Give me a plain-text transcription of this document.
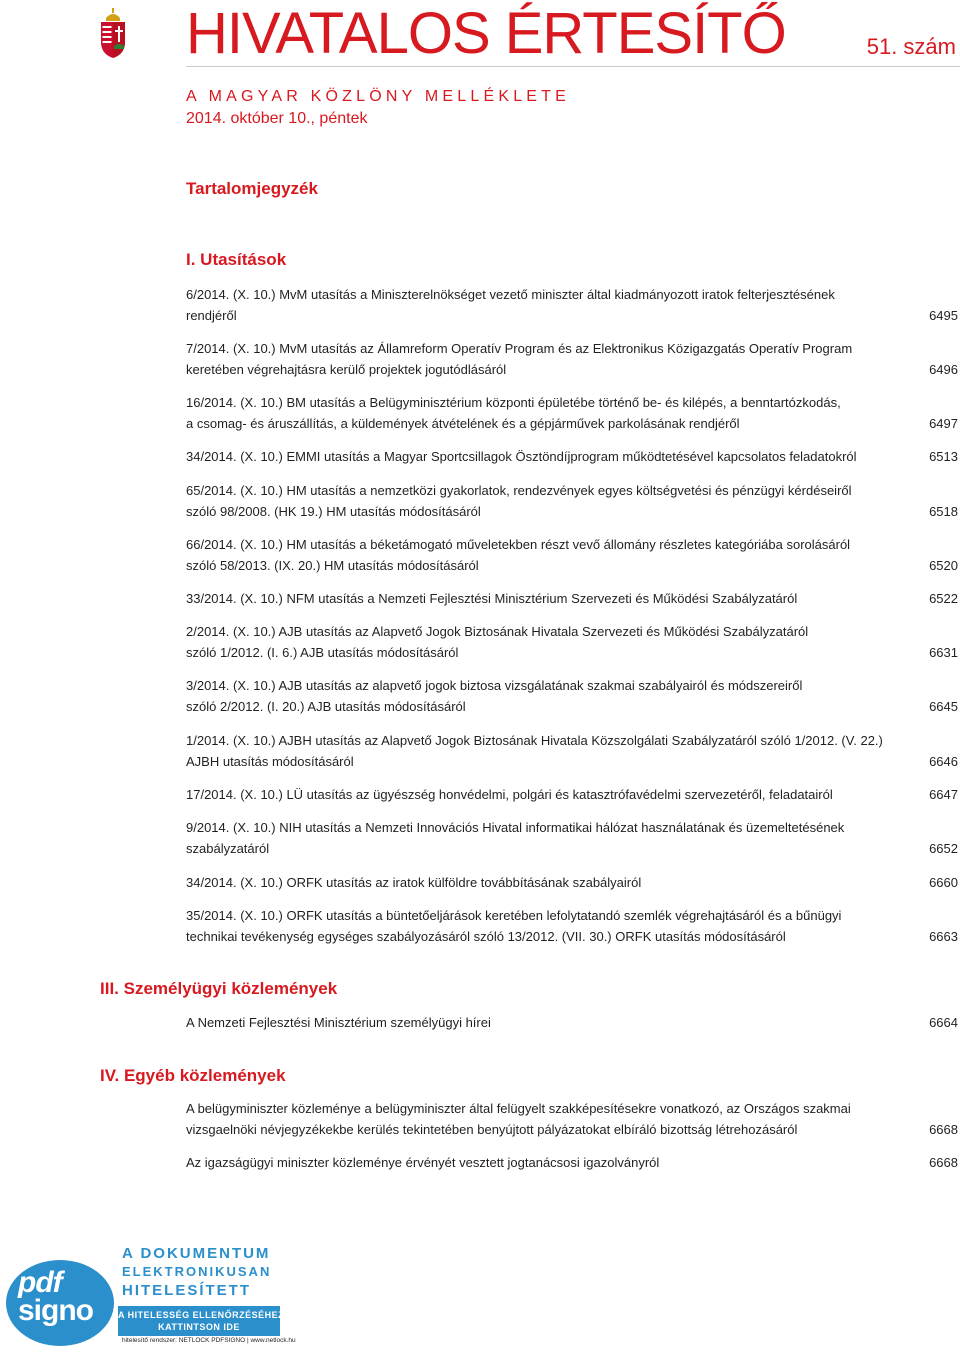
HIVATALOS ÉRTESÍTŐ	51. szám
A MAGYAR KÖZLÖNY MELLÉKLETE
2014. október 10., péntek
Tartalomjegyzék
I. Utasítások
6/2014. (X. 10.) MvM utasítás a Miniszterelnökséget vezető miniszter által kiadmányozott iratok felterjesztésének
rendjéről	6495
7/2014. (X. 10.) MvM utasítás az Államreform Operatív Program és az Elektronikus Közigazgatás Operatív Program
keretében végrehajtásra kerülő projektek jogutódlásáról	6496
16/2014. (X. 10.) BM utasítás a Belügyminisztérium központi épületébe történő be- és kilépés, a benntartózkodás,
a csomag- és áruszállítás, a küldemények átvételének és a gépjárművek parkolásának rendjéről	6497
34/2014. (X. 10.) EMMI utasítás a Magyar Sportcsillagok Ösztöndíjprogram működtetésével kapcsolatos feladatokról	6513
65/2014. (X. 10.) HM utasítás a nemzetközi gyakorlatok, rendezvények egyes költségvetési és pénzügyi kérdéseiről
szóló 98/2008. (HK 19.) HM utasítás módosításáról	6518
66/2014. (X. 10.) HM utasítás a béketámogató műveletekben részt vevő állomány részletes kategóriába sorolásáról
szóló 58/2013. (IX. 20.) HM utasítás módosításáról	6520
33/2014. (X. 10.) NFM utasítás a Nemzeti Fejlesztési Minisztérium Szervezeti és Működési Szabályzatáról	6522
2/2014. (X. 10.) AJB utasítás az Alapvető Jogok Biztosának Hivatala Szervezeti és Működési Szabályzatáról
szóló 1/2012. (I. 6.) AJB utasítás módosításáról	6631
3/2014. (X. 10.) AJB utasítás az alapvető jogok biztosa vizsgálatának szakmai szabályairól és módszereiről
szóló 2/2012. (I. 20.) AJB utasítás módosításáról	6645
1/2014. (X. 10.) AJBH utasítás az Alapvető Jogok Biztosának Hivatala Közszolgálati Szabályzatáról szóló 1/2012. (V. 22.)
AJBH utasítás módosításáról	6646
17/2014. (X. 10.) LÜ utasítás az ügyészség honvédelmi, polgári és katasztrófavédelmi szervezetéről, feladatairól	6647
9/2014. (X. 10.) NIH utasítás a Nemzeti Innovációs Hivatal informatikai hálózat használatának és üzemeltetésének
szabályzatáról	6652
34/2014. (X. 10.) ORFK utasítás az iratok külföldre továbbításának szabályairól	6660
35/2014. (X. 10.) ORFK utasítás a büntetőeljárások keretében lefolytatandó szemlék végrehajtásáról és a bűnügyi
technikai tevékenység egységes szabályozásáról szóló 13/2012. (VII. 30.) ORFK utasítás módosításáról	6663
III. Személyügyi közlemények
A Nemzeti Fejlesztési Minisztérium személyügyi hírei	6664
IV. Egyéb közlemények
A belügyminiszter közleménye a belügyminiszter által felügyelt szakképesítésekre vonatkozó, az Országos szakmai
vizsgaelnöki névjegyzékekbe kerülés tekintetében benyújtott pályázatokat elbíráló bizottság létrehozásáról	6668
Az igazságügyi miniszter közleménye érvényét vesztett jogtanácsosi igazolványról	6668
pdf
signo
A DOKUMENTUM
ELEKTRONIKUSAN
HITELESÍTETT
A HITELESSÉG ELLENŐRZÉSÉHEZ
KATTINTSON IDE
hitelesítő rendszer: NETLOCK PDFSIGNO | www.netlock.hu
